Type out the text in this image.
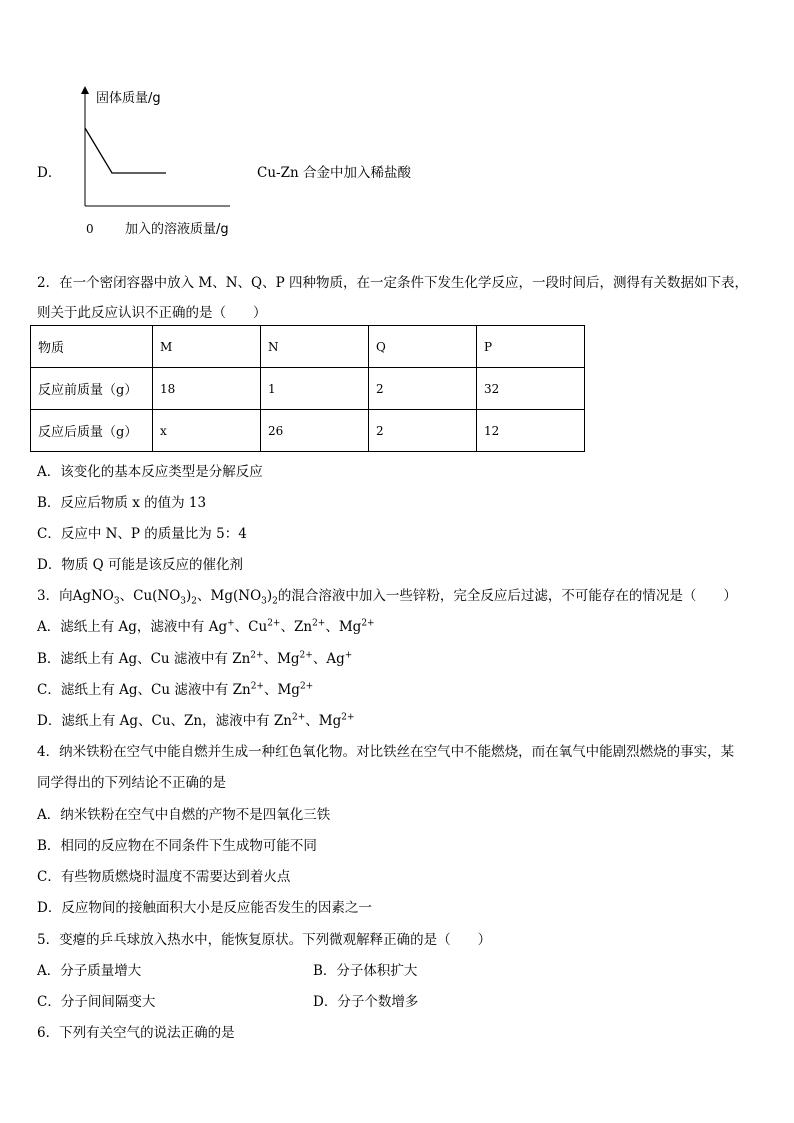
D．
固体质量/g
0 加入的溶液质量/g
Cu-Zn 合金中加入稀盐酸
2．在一个密闭容器中放入 M、N、Q、P 四种物质，在一定条件下发生化学反应，一段时间后，测得有关数据如下表，
则关于此反应认识不正确的是（　　）
物质	M	N	Q	P
反应前质量（g）	18	1	2	32
反应后质量（g）	x	26	2	12
A．该变化的基本反应类型是分解反应
B．反应后物质 x 的值为 13
C．反应中 N、P 的质量比为 5：4
D．物质 Q 可能是该反应的催化剂
3．向AgNO$_3$、$Cu(NO_3)_2$、$Mg(NO_3)_2$的混合溶液中加入一些锌粉，完全反应后过滤，不可能存在的情况是（　　）
A．滤纸上有 Ag，滤液中有 Ag+、$Cu^{2+}$、$Zn^{2+}$、$Mg^{2+}$
B．滤纸上有 Ag、Cu 滤液中有 $Zn^{2+}$、$Mg^{2+}$、Ag+
C．滤纸上有 Ag、Cu 滤液中有 $Zn^{2+}$、$Mg^{2+}$
D．滤纸上有 Ag、Cu、Zn，滤液中有 $Zn^{2+}$、$Mg^{2+}$
4．纳米铁粉在空气中能自燃并生成一种红色氧化物。对比铁丝在空气中不能燃烧，而在氧气中能剧烈燃烧的事实，某
同学得出的下列结论不正确的是
A．纳米铁粉在空气中自燃的产物不是四氧化三铁
B．相同的反应物在不同条件下生成物可能不同
C．有些物质燃烧时温度不需要达到着火点
D．反应物间的接触面积大小是反应能否发生的因素之一
5．变瘪的乒乓球放入热水中，能恢复原状。下列微观解释正确的是（　　）
A．分子质量增大	B．分子体积扩大
C．分子间间隔变大	D．分子个数增多
6．下列有关空气的说法正确的是
